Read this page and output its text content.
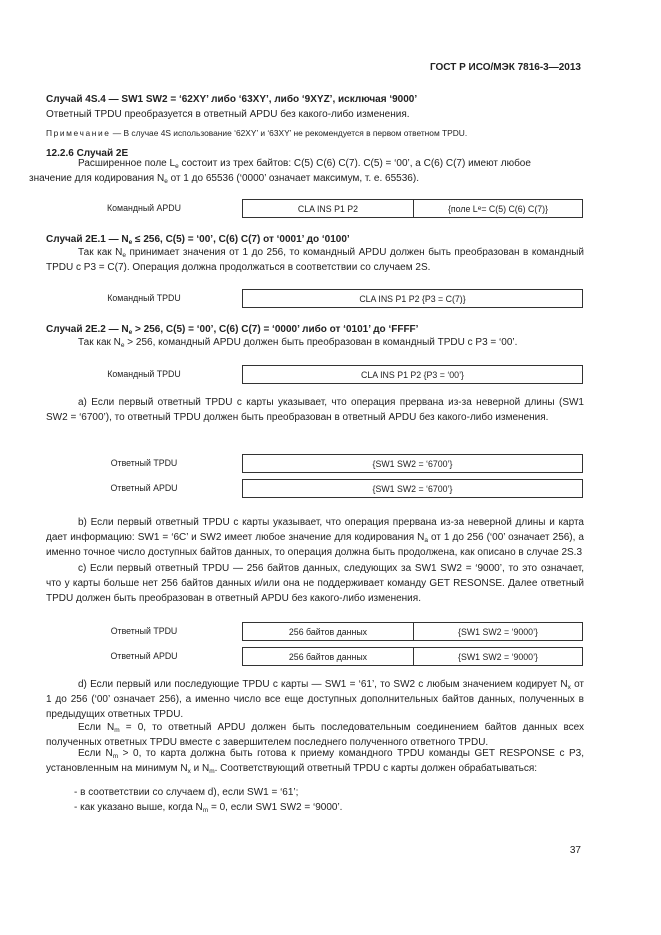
ГОСТ Р ИСО/МЭК 7816-3—2013
Случай 4S.4 — SW1 SW2 = ‘62XY’ либо ‘63XY’, либо ‘9XYZ’, исключая ‘9000’
Ответный TPDU преобразуется в ответный APDU без какого-либо изменения.
Примечание — В случае 4S использование ‘62XY’ и ‘63XY’ не рекомендуется в первом ответном TPDU.
12.2.6 Случай 2E
Расширенное поле $L_e$ состоит из трех байтов: C(5) C(6) C(7). C(5) = ‘00’, а C(6) C(7) имеют любое
значение для кодирования $N_e$ от 1 до 65536 (‘0000’ означает максимум, т. е. 65536).
Командный APDU	CLA INS P1 P2	{поле L e = C(5) C(6) C(7)}
Случай 2E.1 — $N_e \le 256$, C(5) = ‘00’, C(6) C(7) от ‘0001’ до ‘0100’
Так как $N_e$ принимает значения от 1 до 256, то командный APDU должен быть преобразован в командный TPDU с P3 = C(7). Операция должна продолжаться в соответствии со случаем 2S.
Командный TPDU	CLA INS P1 P2 {P3 = C(7)}
Случай 2E.2 — $N_e > 256$, C(5) = ‘00’, C(6) C(7) = ‘0000’ либо от ‘0101’ до ‘FFFF’
Так как $N_e > 256$, командный APDU должен быть преобразован в командный TPDU с P3 = ‘00’.
Командный TPDU	CLA INS P1 P2 {P3 = ‘00’}
а) Если первый ответный TPDU с карты указывает, что операция прервана из-за неверной длины (SW1 SW2 = ‘6700’), то ответный TPDU должен быть преобразован в ответный APDU без какого-либо изменения.
Ответный TPDU	{SW1 SW2 = ‘6700’}
Ответный APDU	{SW1 SW2 = ‘6700’}
b) Если первый ответный TPDU с карты указывает, что операция прервана из-за неверной длины и карта дает информацию: SW1 = ‘6C’ и SW2 имеет любое значение для кодирования $N_a$ от 1 до 256 (‘00’ означает 256), а именно точное число доступных байтов данных, то операция должна быть продолжена, как описано в случае 2S.3
с) Если первый ответный TPDU — 256 байтов данных, следующих за SW1 SW2 = ‘9000’, то это означает, что у карты больше нет 256 байтов данных и/или она не поддерживает команду GET RESONSE. Далее ответный TPDU должен быть преобразован в ответный APDU без какого-либо изменения.
Ответный TPDU	256 байтов данных	{SW1 SW2 = ‘9000’}
Ответный APDU	256 байтов данных	{SW1 SW2 = ‘9000’}
d) Если первый или последующие TPDU с карты — SW1 = ‘61’, то SW2 с любым значением кодирует $N_x$ от 1 до 256 (‘00’ означает 256), а именно число все еще доступных дополнительных байтов данных, полученных в предыдущих ответных TPDU.
Если $N_m = 0$, то ответный APDU должен быть последовательным соединением байтов данных всех полученных ответных TPDU вместе с завершителем последнего полученного ответного TPDU.
Если $N_m > 0$, то карта должна быть готова к приему командного TPDU команды GET RESPONSE с P3, установленным на минимум $N_x$ и $N_m$. Соответствующий ответный TPDU с карты должен обрабатываться:
- в соответствии со случаем d), если SW1 = ‘61’;
- как указано выше, когда $N_m = 0$, если SW1 SW2 = ‘9000’.
37
